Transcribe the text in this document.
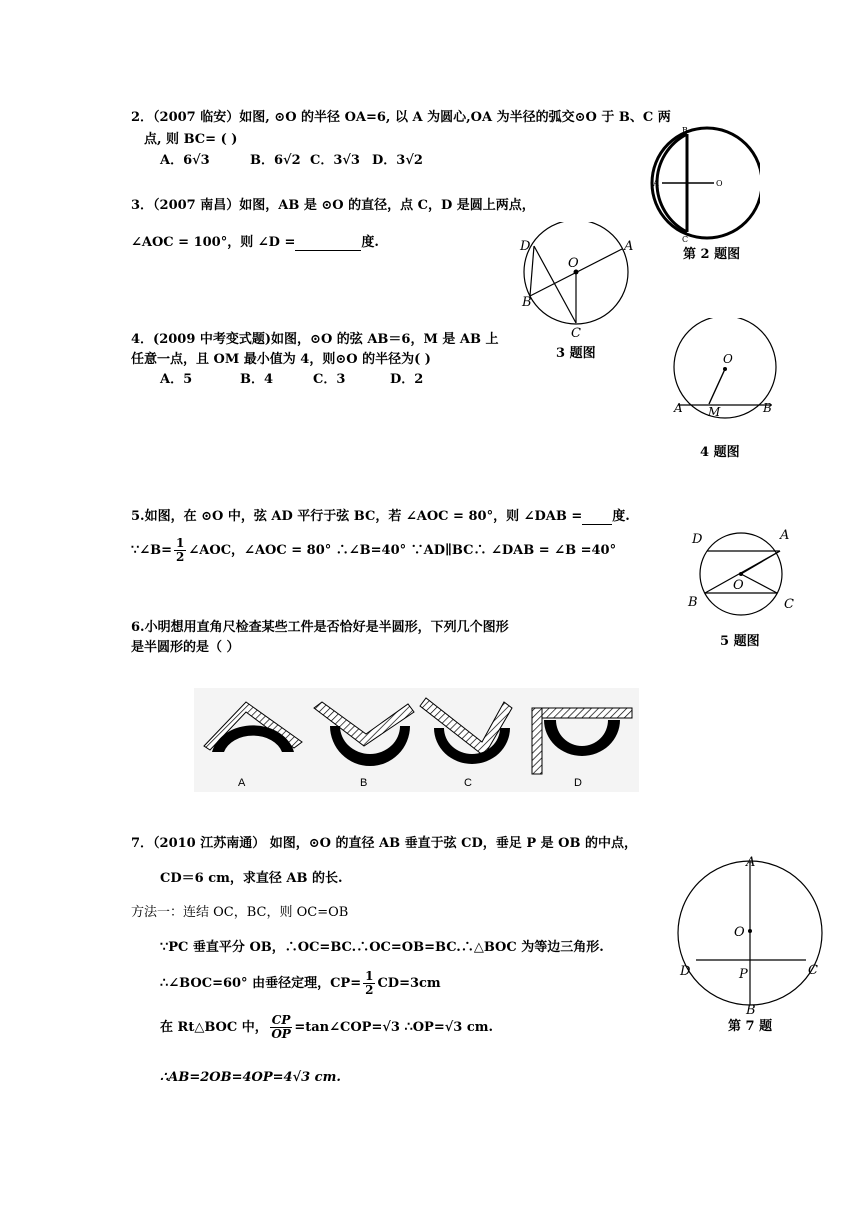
2．（2007 临安）如图, ⊙O 的半径 OA=6, 以 A 为圆心,OA 为半径的弧交⊙O 于 B、C 两
点, 则 BC= ( )
A．6√3	B．6√2 C．3√3 D．3√2
B
A	O
C
第 2 题图
3．（2007 南昌）如图，AB 是 ⊙O 的直径，点 C，D 是圆上两点，
∠AOC = 100°，则 ∠D =	度.	D
O
A
B
C
3 题图
4．(2009 中考变式题)如图，⊙O 的弦 AB＝6，M 是 AB 上
任意一点，且 OM 最小值为 4，则⊙O 的半径为( )
A．5	B．4	C．3	D．2
O
A M	B
4 题图
5.如图，在 ⊙O 中，弦 AD 平行于弦 BC，若 ∠AOC = 80°，则 ∠DAB = 度.
∵∠B= $\frac{1}{2}$ ∠AOC，∠AOC = 80° ∴∠B=40° ∵AD∥BC∴ ∠DAB = ∠B =40°
D	A
O
B	C
5 题图
6.小明想用直角尺检查某些工件是否恰好是半圆形，下列几个图形
是半圆形的是（ ）
A	B	C	D
7．（2010 江苏南通） 如图，⊙O 的直径 AB 垂直于弦 CD，垂足 P 是 OB 的中点，
CD＝6 cm，求直径 AB 的长.
方法一：连结 OC，BC，则 OC=OB
∵PC 垂直平分 OB，∴OC=BC.∴OC=OB=BC.∴△BOC 为等边三角形.
∴∠BOC=60° 由垂径定理，$CP= \frac{1}{2} CD=3cm$
在 Rt△BOC 中， $\frac{CP}{OP}$ =tan∠COP=√3 ∴OP=√3 cm.
∴AB=2OB=4OP=4√3 cm.
A
O
D	P	C
B
第 7 题
